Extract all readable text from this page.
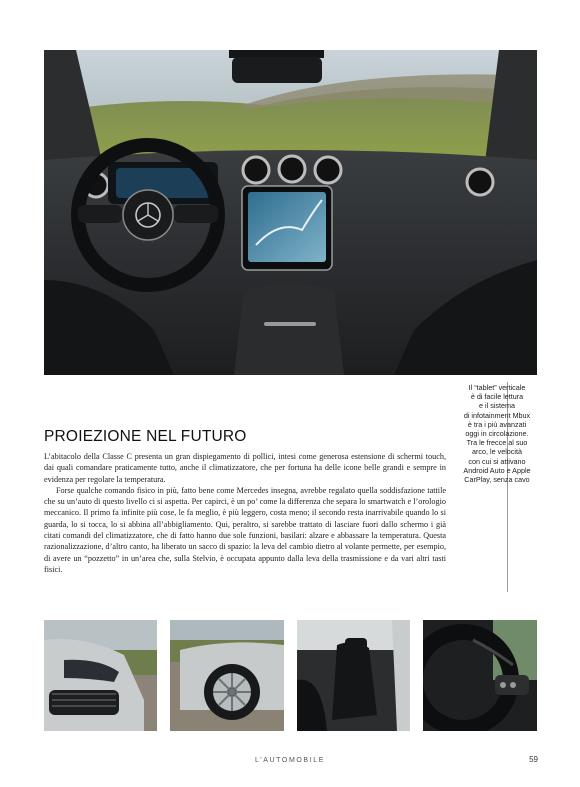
Il “tablet” verticale
è di facile lettura
e il sistema
di infotainment Mbux
è tra i più avanzati
oggi in circolazione.
Tra le frecce al suo
arco, le velocità
con cui si attivano
Android Auto e Apple
CarPlay, senza cavo
PROIEZIONE NEL FUTURO

L’abitacolo della Classe C presenta un gran dispiegamento di pollici, intesi come generosa estensione di schermi touch, dai quali comandare praticamente tutto, anche il climatizzatore, che per fortuna ha delle icone belle grandi e sempre in evidenza per regolare la temperatura.

Forse qualche comando fisico in più, fatto bene come Mercedes insegna, avrebbe regalato quella soddisfazione tattile che su un’auto di questo livello ci si aspetta. Per capirci, è un po’ come la differenza che separa lo smartwatch e l’orologio meccanico. Il primo fa infinite più cose, le fa meglio, è più leggero, costa meno; il secondo resta inarrivabile quando lo si guarda, lo si tocca, lo si abbina all’abbigliamento. Qui, peraltro, si sarebbe trattato di lasciare fuori dallo schermo i già citati comandi del climatizzatore, che di fatto hanno due sole funzioni, basilari: alzare e abbassare la temperatura. Questa razionalizzazione, d’altro canto, ha liberato un sacco di spazio: la leva del cambio dietro al volante permette, per esempio, di avere un “pozzetto” in un’area che, sulla Stelvio, è occupata appunto dalla leva della trasmissione e da vari altri tasti fisici.

L’AUTOMOBILE	59
